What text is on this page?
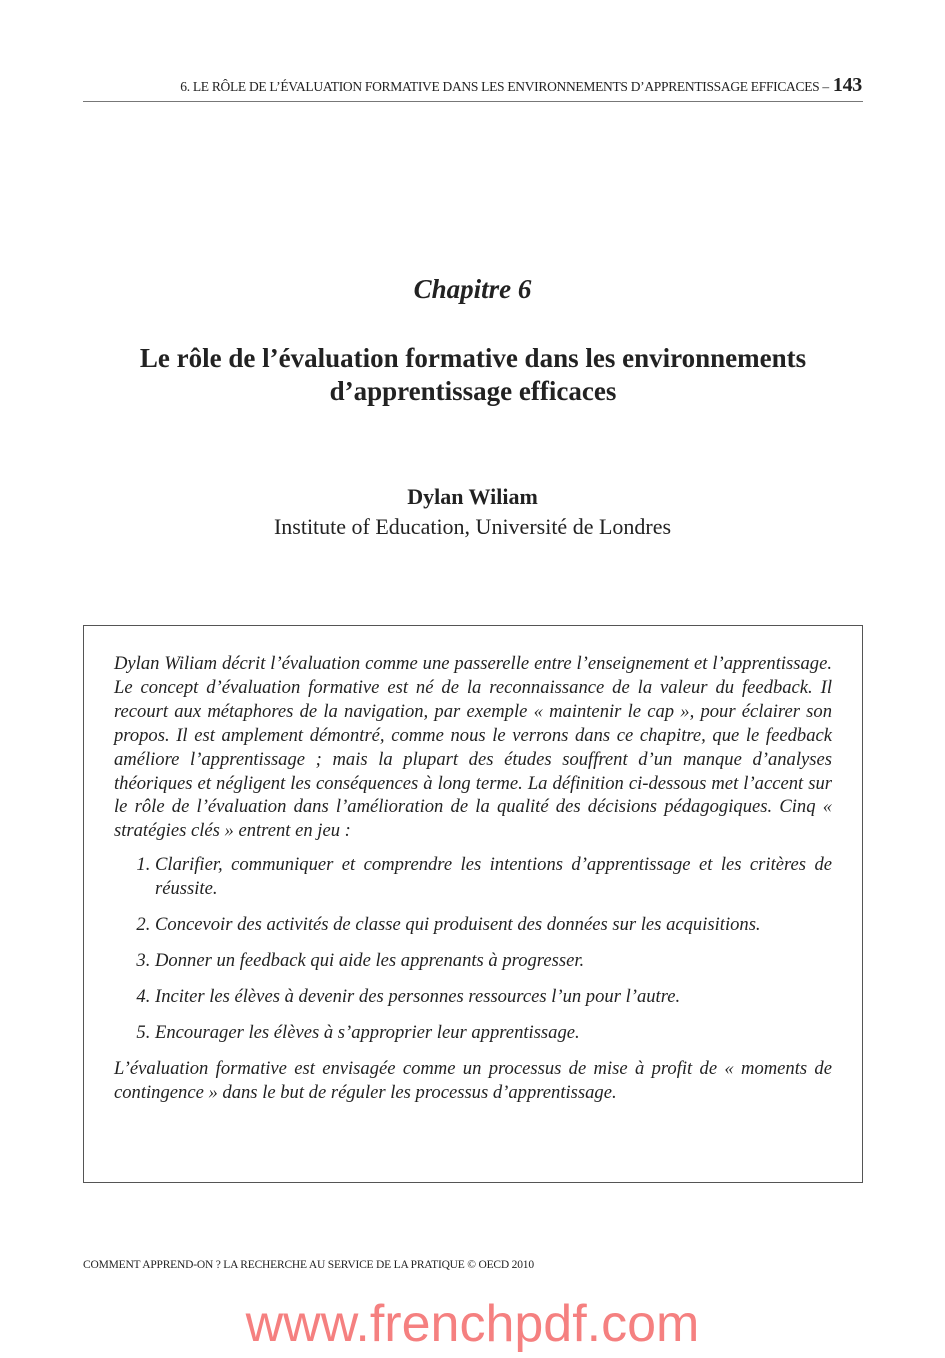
6. LE RÔLE DE L’ÉVALUATION FORMATIVE DANS LES ENVIRONNEMENTS D’APPRENTISSAGE EFFICACES – 143
Chapitre 6
Le rôle de l’évaluation formative dans les environnements d’apprentissage efficaces
Dylan Wiliam
Institute of Education, Université de Londres

Dylan Wiliam décrit l’évaluation comme une passerelle entre l’enseignement et l’apprentissage. Le concept d’évaluation formative est né de la reconnaissance de la valeur du feedback. Il recourt aux métaphores de la navigation, par exemple « maintenir le cap », pour éclairer son propos. Il est amplement démontré, comme nous le verrons dans ce chapitre, que le feedback améliore l’apprentissage ; mais la plupart des études souffrent d’un manque d’analyses théoriques et négligent les conséquences à long terme. La définition ci-dessous met l’accent sur le rôle de l’évaluation dans l’amélioration de la qualité des décisions pédagogiques. Cinq « stratégies clés » entrent en jeu :

1. Clarifier, communiquer et comprendre les intentions d’apprentissage et les critères de réussite.
2. Concevoir des activités de classe qui produisent des données sur les acquisitions.
3. Donner un feedback qui aide les apprenants à progresser.
4. Inciter les élèves à devenir des personnes ressources l’un pour l’autre.
5. Encourager les élèves à s’approprier leur apprentissage.

L’évaluation formative est envisagée comme un processus de mise à profit de « moments de contingence » dans le but de réguler les processus d’apprentissage.

COMMENT APPREND-ON ? LA RECHERCHE AU SERVICE DE LA PRATIQUE © OECD 2010
www.frenchpdf.com
